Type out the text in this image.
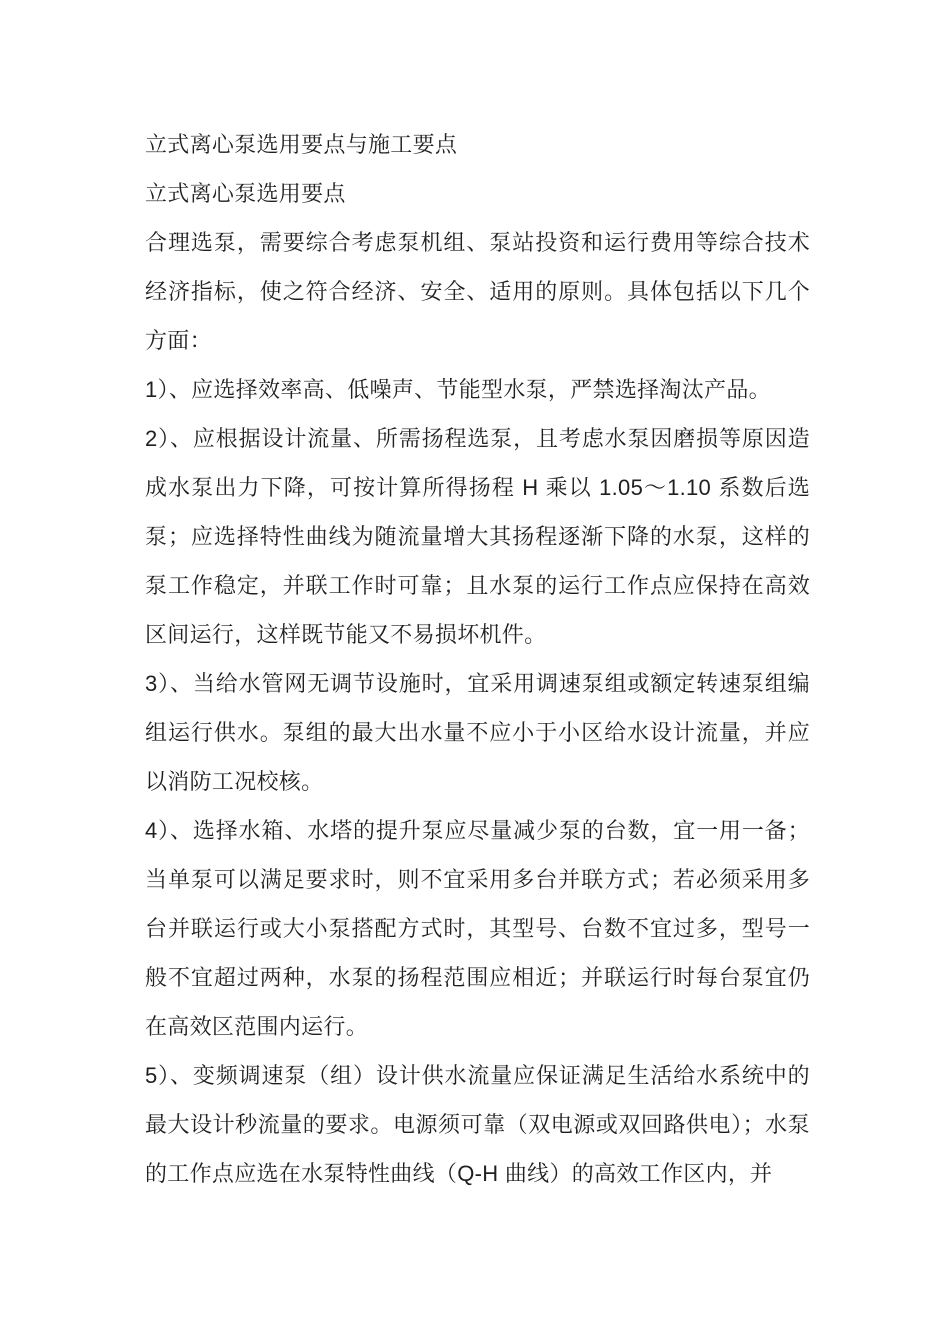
立式离心泵选用要点与施工要点

立式离心泵选用要点

合理选泵，需要综合考虑泵机组、泵站投资和运行费用等综合技术经济指标，使之符合经济、安全、适用的原则。具体包括以下几个方面：

1）、应选择效率高、低噪声、节能型水泵，严禁选择淘汰产品。

2）、应根据设计流量、所需扬程选泵，且考虑水泵因磨损等原因造成水泵出力下降，可按计算所得扬程 H 乘以 1.05～1.10 系数后选泵；应选择特性曲线为随流量增大其扬程逐渐下降的水泵，这样的泵工作稳定，并联工作时可靠；且水泵的运行工作点应保持在高效区间运行，这样既节能又不易损坏机件。

3）、当给水管网无调节设施时，宜采用调速泵组或额定转速泵组编组运行供水。泵组的最大出水量不应小于小区给水设计流量，并应以消防工况校核。

4）、选择水箱、水塔的提升泵应尽量减少泵的台数，宜一用一备；当单泵可以满足要求时，则不宜采用多台并联方式；若必须采用多台并联运行或大小泵搭配方式时，其型号、台数不宜过多，型号一般不宜超过两种，水泵的扬程范围应相近；并联运行时每台泵宜仍在高效区范围内运行。

5）、变频调速泵（组）设计供水流量应保证满足生活给水系统中的最大设计秒流量的要求。电源须可靠（双电源或双回路供电）；水泵的工作点应选在水泵特性曲线（Q-H 曲线）的高效工作区内，并
